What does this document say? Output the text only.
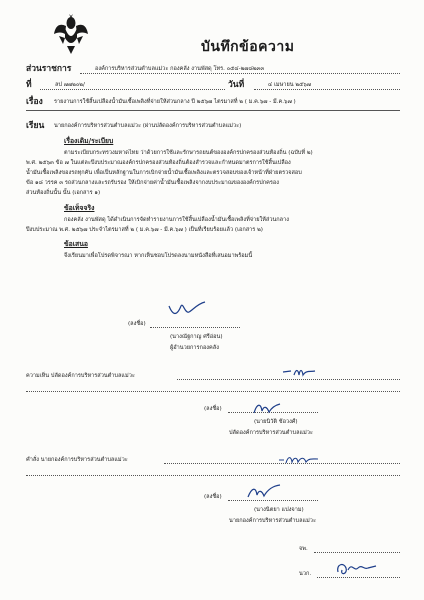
บันทึกข้อความ
ส่วนราชการ	องค์การบริหารส่วนตำบลแม่วะ กองคลัง งานพัสดุ โทร. ๐๕๔-๒๗๘๒๓๓
ที่	ลป ๗๗๒๐๒/	วันที่	๔ เมษายน ๒๕๖๗
เรื่อง รายงานการใช้สิ้นเปลืองน้ำมันเชื้อเพลิงที่จ่ายให้ส่วนกลาง ปี ๒๕๖๗ ไตรมาสที่ ๒ ( ม.ค.๖๗ - มี.ค.๖๗ )
เรียน นายกองค์การบริหารส่วนตำบลแม่วะ (ผ่านปลัดองค์การบริหารส่วนตำบลแม่วะ)
เรื่องเดิม/ระเบียบ
ตามระเบียบกระทรวงมหาดไทย ว่าด้วยการใช้และรักษารถยนต์ขององค์กรปกครองส่วนท้องถิ่น (ฉบับที่ ๒)
พ.ศ. ๒๕๖๓ ข้อ ๗ ในแต่ละปีงบประมาณองค์กรปกครองส่วนท้องถิ่นต้องสำรวจและกำหนดมาตรการใช้สิ้นเปลือง
น้ำมันเชื้อเพลิงของรถทุกคัน เพื่อเป็นหลักฐานในการเบิกจ่ายน้ำมันเชื้อเพลิงและตรวจสอบของเจ้าหน้าที่ฝ่ายตรวจสอบ
ข้อ ๑๘ วรรค ๓ รถส่วนกลางและรถรับรอง ให้เบิกจ่ายค่าน้ำมันเชื้อเพลิงจากงบประมาณขององค์กรปกครอง
ส่วนท้องถิ่นนั้น นั้น (เอกสาร ๑)
ข้อเท็จจริง
กองคลัง งานพัสดุ ได้ดำเนินการจัดทำรายงานการใช้สิ้นเปลืองน้ำมันเชื้อเพลิงที่จ่ายให้ส่วนกลาง
ปีงบประมาณ พ.ศ. ๒๕๖๗ ประจำไตรมาสที่ ๒ ( ม.ค.๖๗ - มี.ค.๖๗ ) เป็นที่เรียบร้อยแล้ว (เอกสาร ๒)
ข้อเสนอ
จึงเรียนมาเพื่อโปรดพิจารณา หากเห็นชอบโปรดลงนามหนังสือที่เสนอมาพร้อมนี้
(ลงชื่อ)
(นางณัฐกาญ ศรีอ่อน)
ผู้อำนวยการกองคลัง
ความเห็น ปลัดองค์การบริหารส่วนตำบลแม่วะ
(ลงชื่อ)
(นายนิวัติ ช้อวงศ์)
ปลัดองค์การบริหารส่วนตำบลแม่วะ
คำสั่ง นายกองค์การบริหารส่วนตำบลแม่วะ
(ลงชื่อ)
(นางนิตยา แปงจาม)
นายกองค์การบริหารส่วนตำบลแม่วะ
จพ.
นวก.
